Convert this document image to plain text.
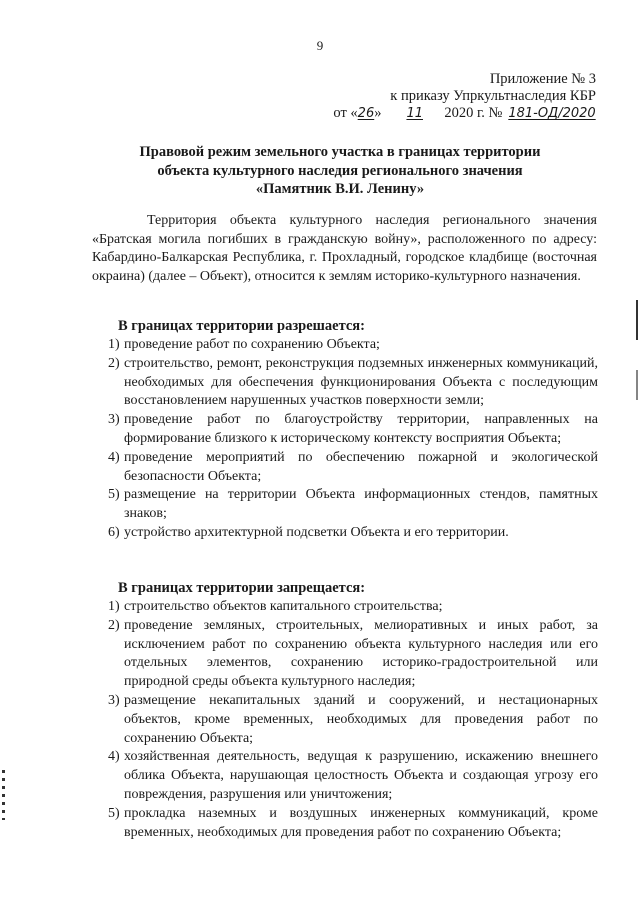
9
Приложение № 3
к приказу Упркультнаследия КБР
от «26» 11 2020 г. № 181-ОД/2020
Правовой режим земельного участка в границах территории
объекта культурного наследия регионального значения
«Памятник В.И. Ленину»
Территория объекта культурного наследия регионального значения «Братская могила погибших в гражданскую войну», расположенного по адресу: Кабардино-Балкарская Республика, г. Прохладный, городское кладбище (восточная окраина) (далее – Объект), относится к землям историко-культурного назначения.
В границах территории разрешается:
1) проведение работ по сохранению Объекта;
2) строительство, ремонт, реконструкция подземных инженерных коммуникаций, необходимых для обеспечения функционирования Объекта с последующим восстановлением нарушенных участков поверхности земли;
3) проведение работ по благоустройству территории, направленных на формирование близкого к историческому контексту восприятия Объекта;
4) проведение мероприятий по обеспечению пожарной и экологической безопасности Объекта;
5) размещение на территории Объекта информационных стендов, памятных знаков;
6) устройство архитектурной подсветки Объекта и его территории.
В границах территории запрещается:
1) строительство объектов капитального строительства;
2) проведение земляных, строительных, мелиоративных и иных работ, за исключением работ по сохранению объекта культурного наследия или его отдельных элементов, сохранению историко-градостроительной или природной среды объекта культурного наследия;
3) размещение некапитальных зданий и сооружений, и нестационарных объектов, кроме временных, необходимых для проведения работ по сохранению Объекта;
4) хозяйственная деятельность, ведущая к разрушению, искажению внешнего облика Объекта, нарушающая целостность Объекта и создающая угрозу его повреждения, разрушения или уничтожения;
5) прокладка наземных и воздушных инженерных коммуникаций, кроме временных, необходимых для проведения работ по сохранению Объекта;
